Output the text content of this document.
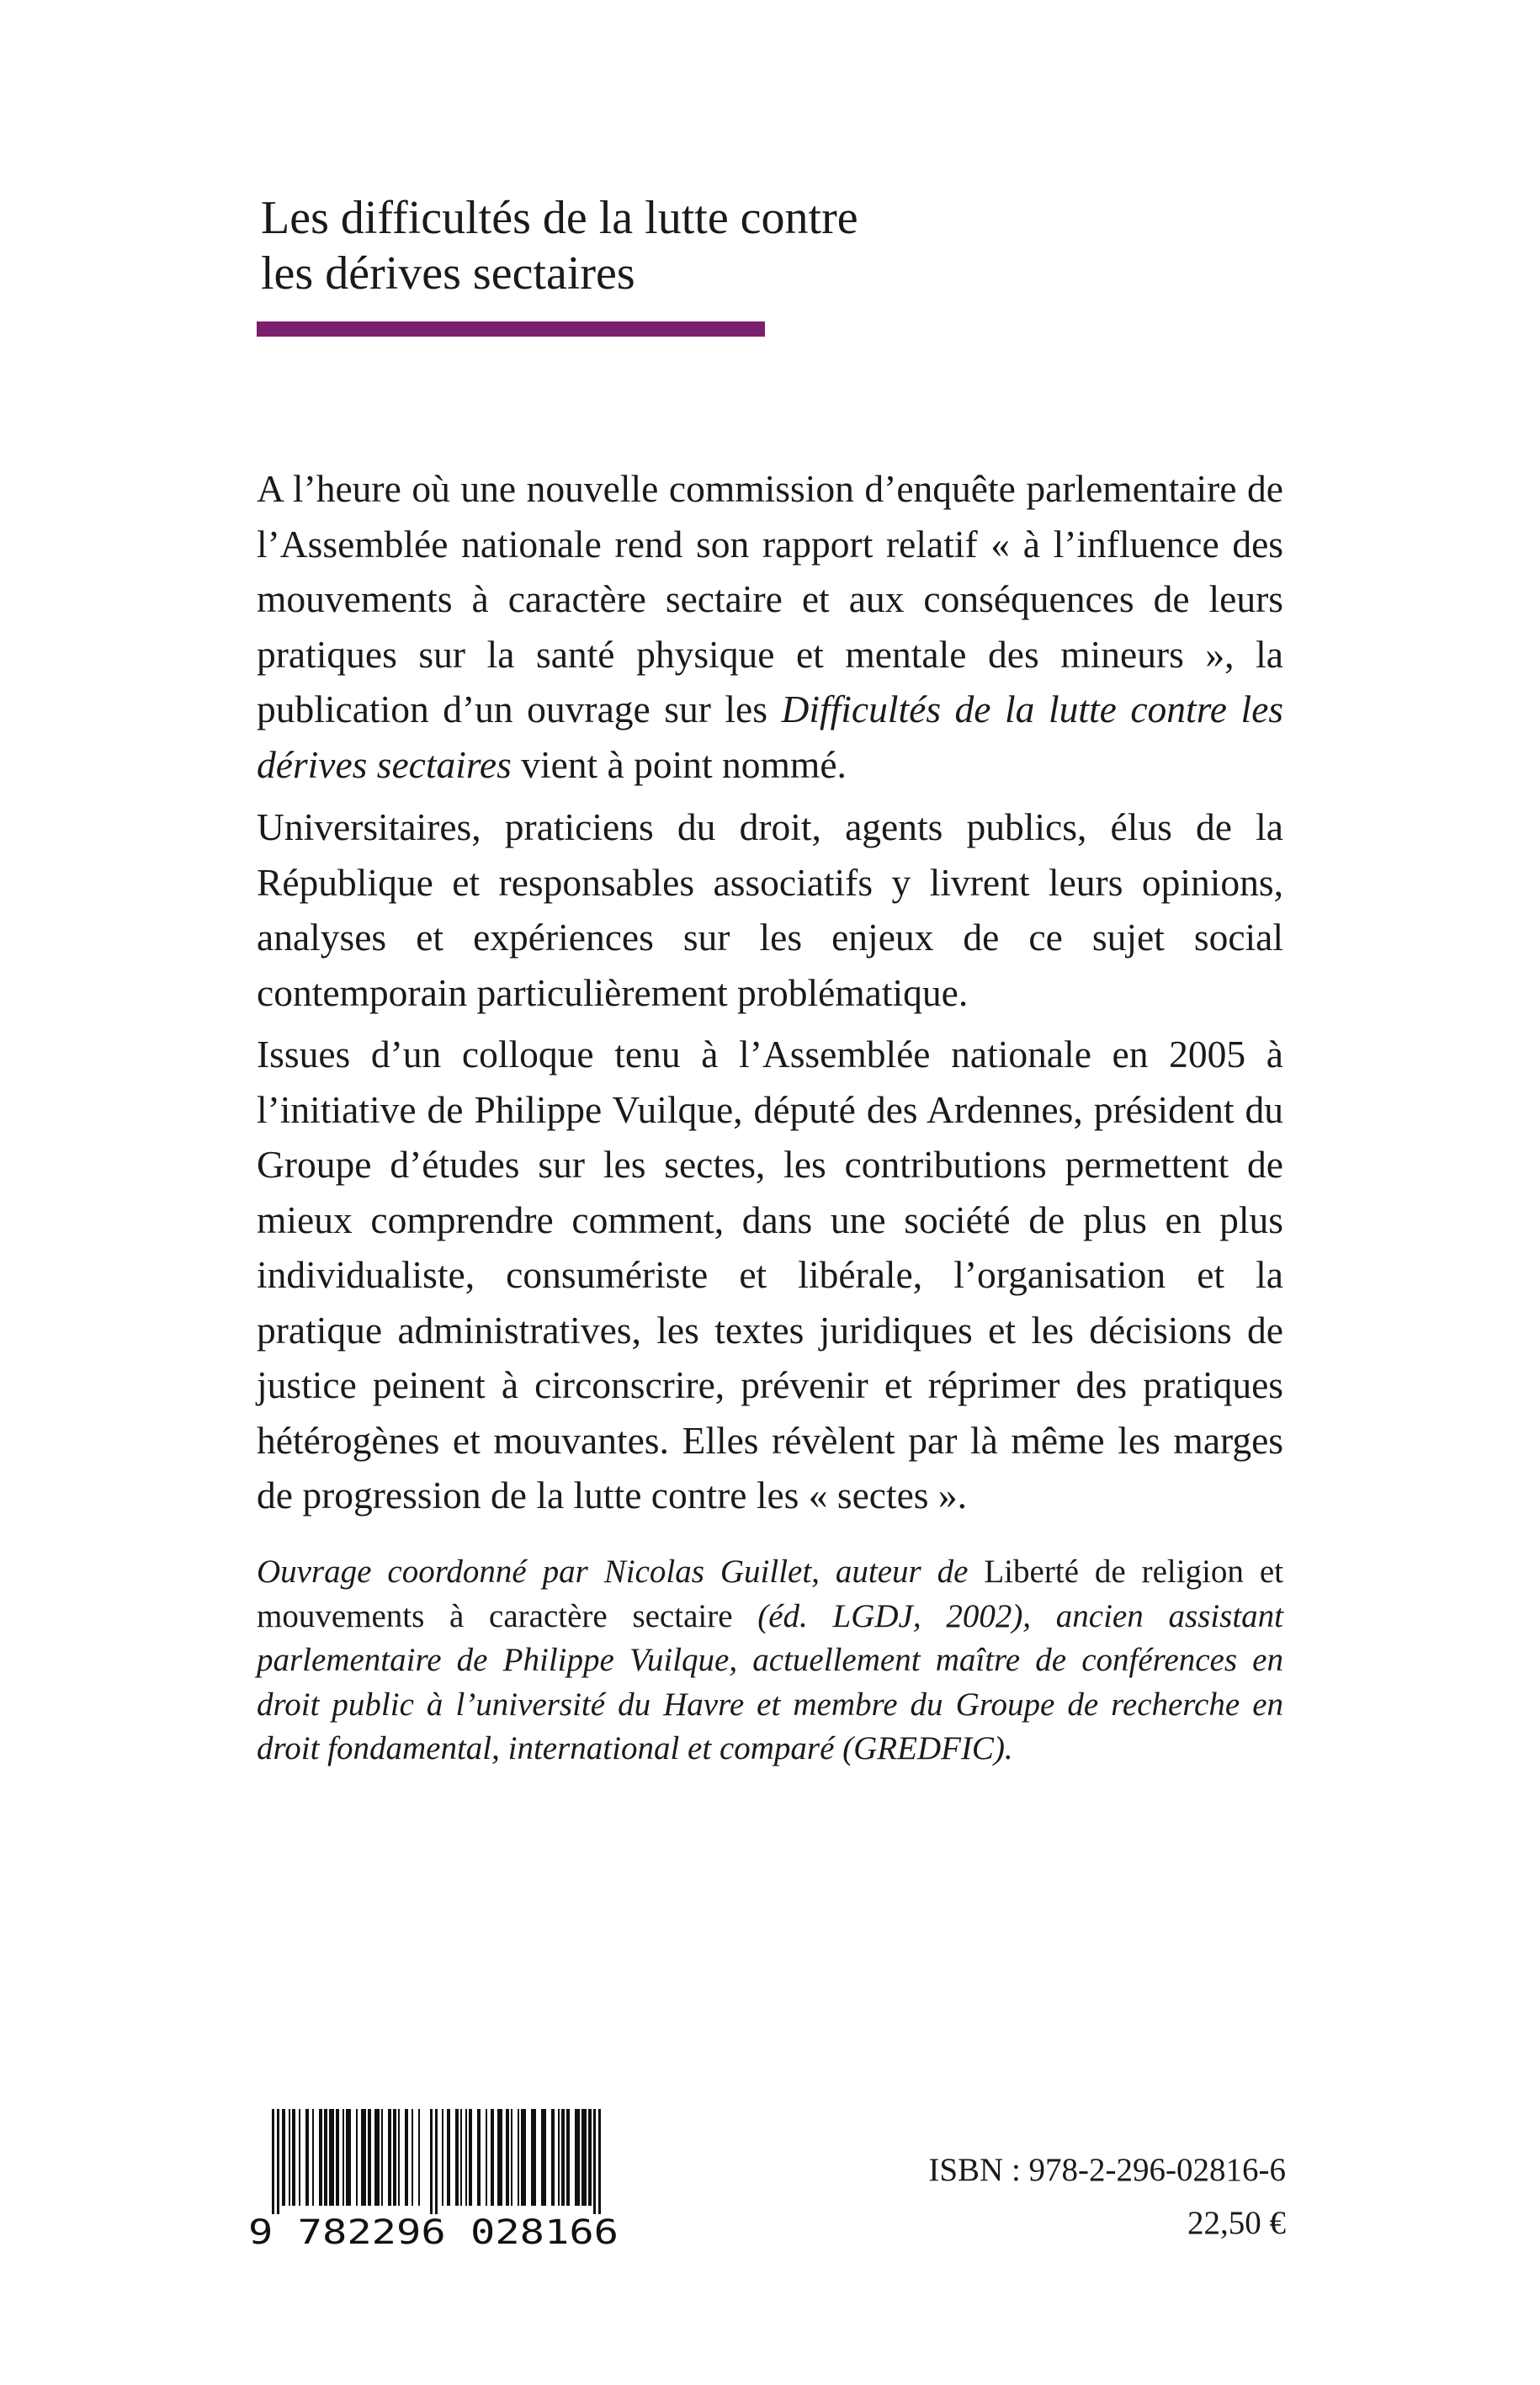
Les difficultés de la lutte contre
les dérives sectaires

A l’heure où une nouvelle commission d’enquête parlementaire de l’Assemblée nationale rend son rapport relatif « à l’influence des mouvements à caractère sectaire et aux conséquences de leurs pratiques sur la santé physique et mentale des mineurs », la publication d’un ouvrage sur les Difficultés de la lutte contre les dérives sectaires vient à point nommé.

Universitaires, praticiens du droit, agents publics, élus de la République et responsables associatifs y livrent leurs opinions, analyses et expériences sur les enjeux de ce sujet social contemporain particulièrement problématique.

Issues d’un colloque tenu à l’Assemblée nationale en 2005 à l’initiative de Philippe Vuilque, député des Ardennes, président du Groupe d’études sur les sectes, les contributions permettent de mieux comprendre comment, dans une société de plus en plus individualiste, consumériste et libérale, l’organisation et la pratique administratives, les textes juridiques et les décisions de justice peinent à circonscrire, prévenir et réprimer des pratiques hétérogènes et mouvantes. Elles révèlent par là même les marges de progression de la lutte contre les « sectes ».

Ouvrage coordonné par Nicolas Guillet, auteur de Liberté de religion et mouvements à caractère sectaire (éd. LGDJ, 2002), ancien assistant parlementaire de Philippe Vuilque, actuellement maître de conférences en droit public à l’université du Havre et membre du Groupe de recherche en droit fondamental, international et comparé (GREDFIC).

9 782296 028166

ISBN : 978-2-296-02816-6

22,50 €
